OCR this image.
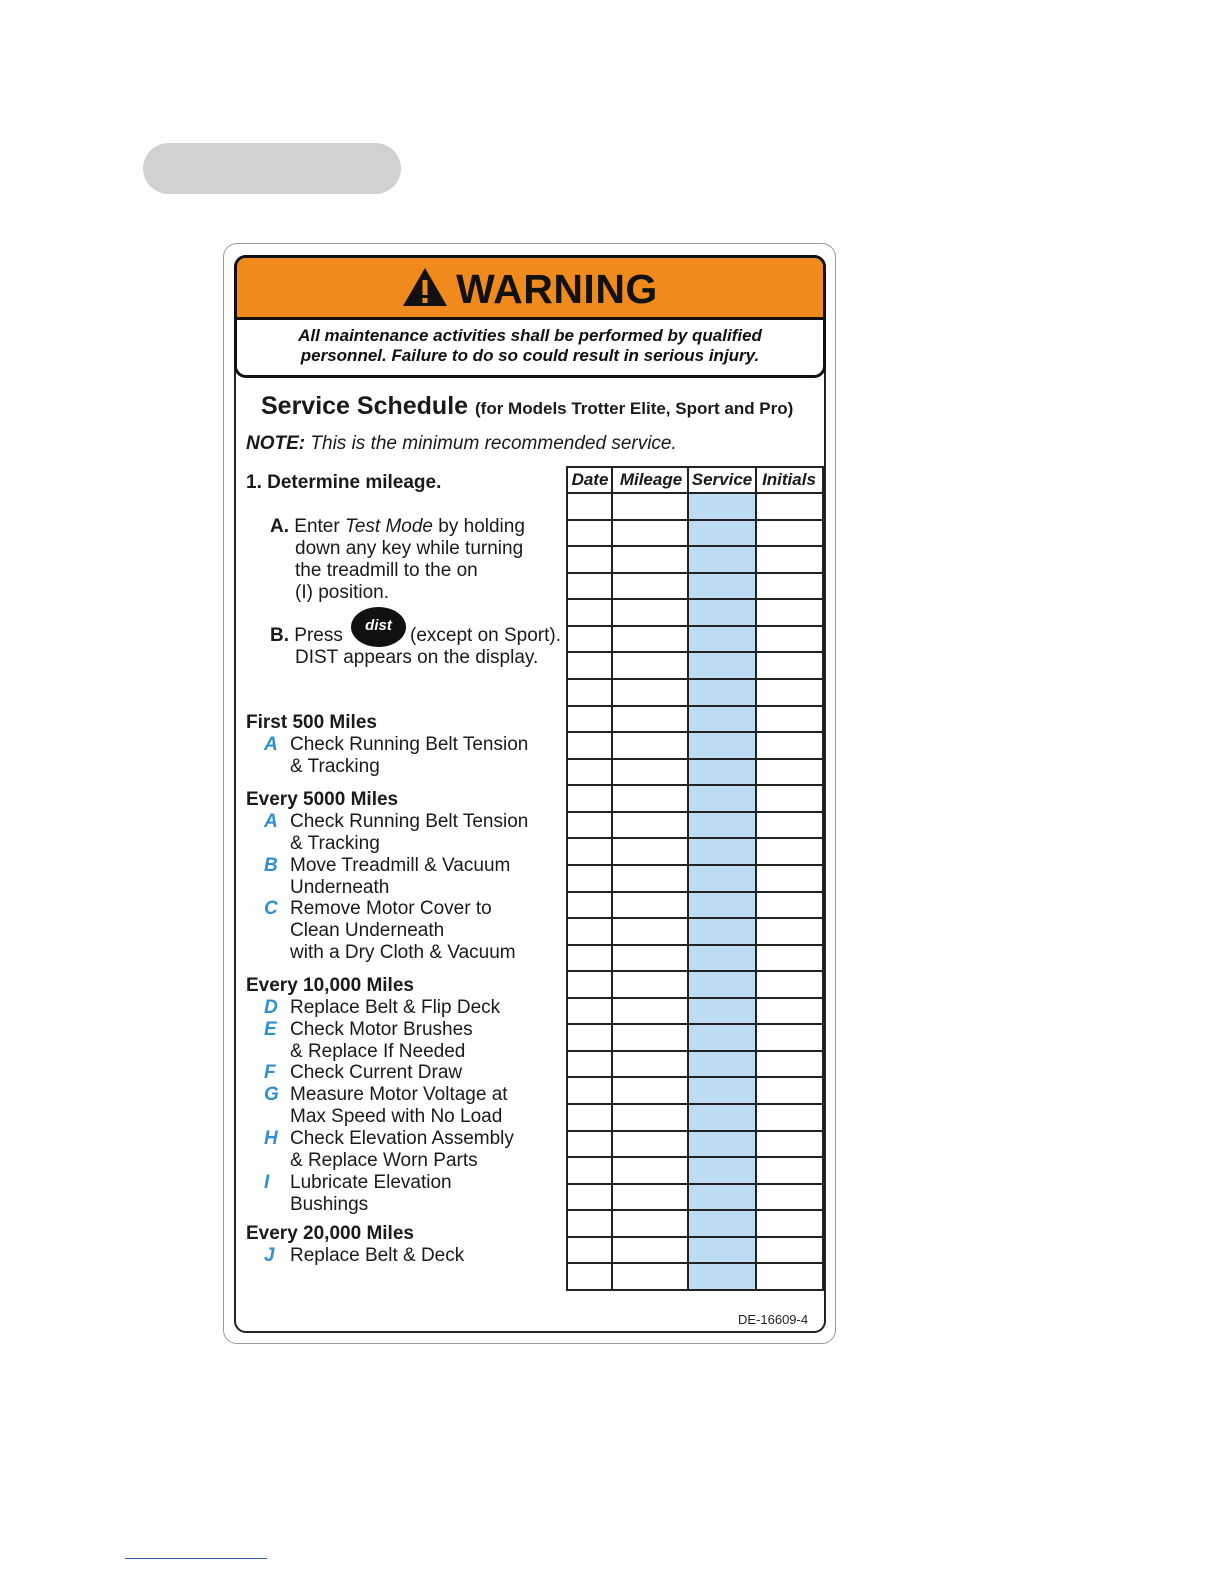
WARNING
All maintenance activities shall be performed by qualified
personnel. Failure to do so could result in serious injury.
Service Schedule (for Models Trotter Elite, Sport and Pro)
NOTE: This is the minimum recommended service.
1. Determine mileage.
A. Enter Test Mode by holding
down any key while turning
the treadmill to the on
(I) position.
B. Press	dist (except on Sport).
DIST appears on the display.
First 500 Miles
A Check Running Belt Tension
& Tracking
Every 5000 Miles
A Check Running Belt Tension
& Tracking
B Move Treadmill & Vacuum
Underneath
C Remove Motor Cover to
Clean Underneath
with a Dry Cloth & Vacuum
Every 10,000 Miles
D Replace Belt & Flip Deck
E Check Motor Brushes
& Replace If Needed
F Check Current Draw
G Measure Motor Voltage at
Max Speed with No Load
H Check Elevation Assembly
& Replace Worn Parts
I Lubricate Elevation
Bushings
Every 20,000 Miles
J Replace Belt & Deck
Date Mileage Service Initials
DE-16609-4
